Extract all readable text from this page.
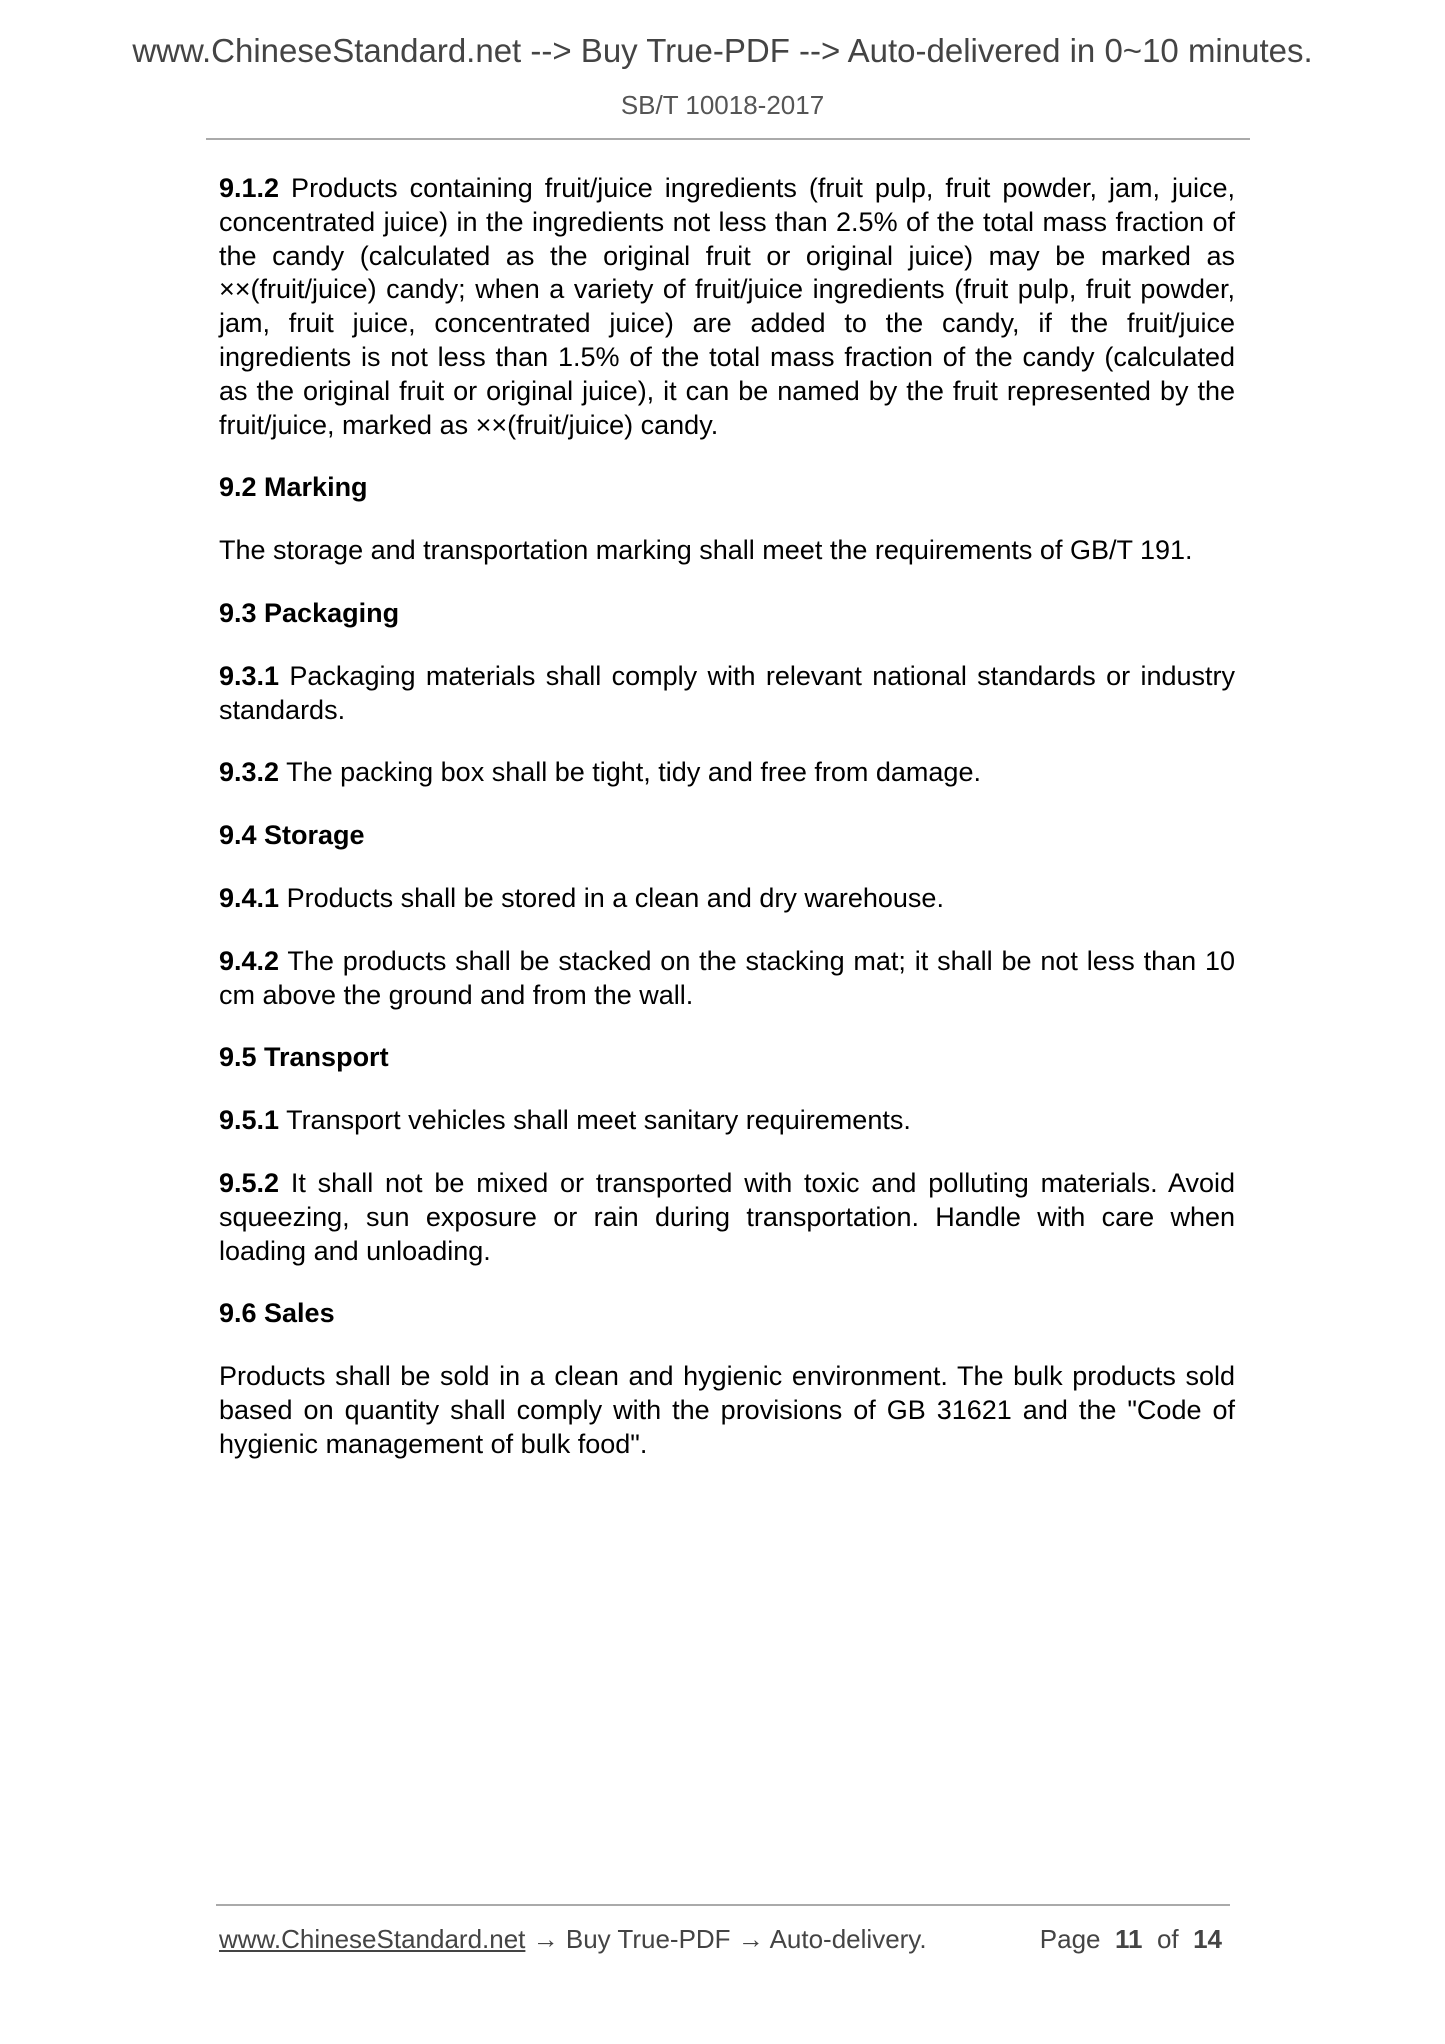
www.ChineseStandard.net --> Buy True-PDF --> Auto-delivered in 0~10 minutes.
SB/T 10018-2017

9.1.2 Products containing fruit/juice ingredients (fruit pulp, fruit powder, jam, juice, concentrated juice) in the ingredients not less than 2.5% of the total mass fraction of the candy (calculated as the original fruit or original juice) may be marked as ××(fruit/juice) candy; when a variety of fruit/juice ingredients (fruit pulp, fruit powder, jam, fruit juice, concentrated juice) are added to the candy, if the fruit/juice ingredients is not less than 1.5% of the total mass fraction of the candy (calculated as the original fruit or original juice), it can be named by the fruit represented by the fruit/juice, marked as ××(fruit/juice) candy.

9.2 Marking

The storage and transportation marking shall meet the requirements of GB/T 191.

9.3 Packaging

9.3.1 Packaging materials shall comply with relevant national standards or industry standards.

9.3.2 The packing box shall be tight, tidy and free from damage.

9.4 Storage

9.4.1 Products shall be stored in a clean and dry warehouse.

9.4.2 The products shall be stacked on the stacking mat; it shall be not less than 10 cm above the ground and from the wall.

9.5 Transport

9.5.1 Transport vehicles shall meet sanitary requirements.

9.5.2 It shall not be mixed or transported with toxic and polluting materials. Avoid squeezing, sun exposure or rain during transportation. Handle with care when loading and unloading.

9.6 Sales

Products shall be sold in a clean and hygienic environment. The bulk products sold based on quantity shall comply with the provisions of GB 31621 and the "Code of hygienic management of bulk food".

www.ChineseStandard.net → Buy True-PDF → Auto-delivery.	Page 11 of 14
